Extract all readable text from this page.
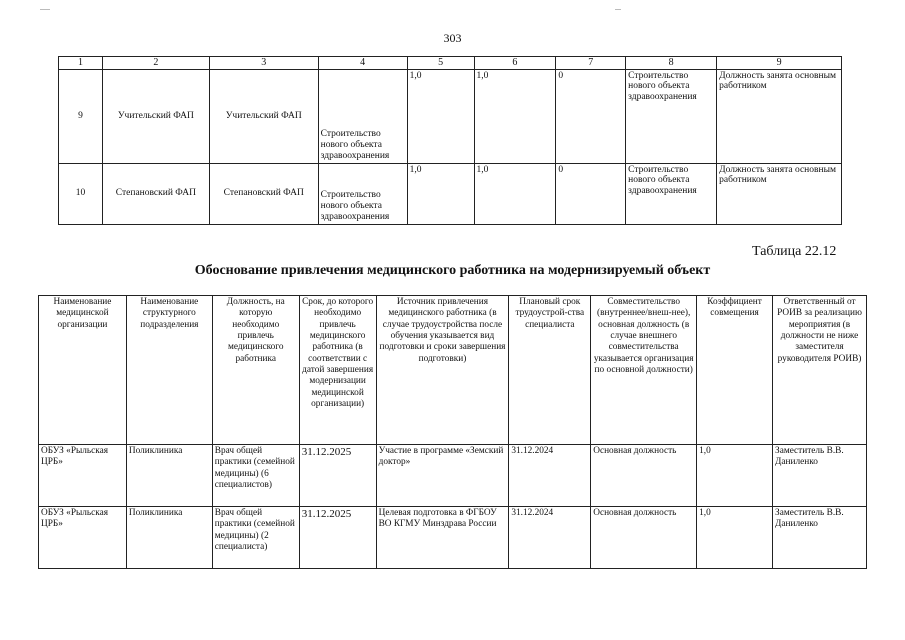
303
1	2	3	4	5	6	7	8	9
9	Учительский ФАП	Учительский ФАП	Строительство нового объекта здравоохранения	1,0	1,0	0	Строительство нового объекта здравоохранения	Должность занята основным работником
10	Степановский ФАП	Степановский ФАП	Строительство нового объекта здравоохранения	1,0	1,0	0	Строительство нового объекта здравоохранения	Должность занята основным работником
Таблица 22.12
Обоснование привлечения медицинского работника на модернизируемый объект
Наименование медицинской организации	Наименование структурного подразделения	Должность, на которую необходимо привлечь медицинского работника	Срок, до которого необходимо привлечь медицинского работника (в соответствии с датой завершения модернизации медицинской организации)	Источник привлечения медицинского работника (в случае трудоустройства после обучения указывается вид подготовки и сроки завершения подготовки)	Плановый срок трудоустрой-ства специалиста	Совместительство (внутреннее/внеш-нее), основная должность (в случае внешнего совместительства указывается организация по основной должности)	Коэффициент совмещения	Ответственный от РОИВ за реализацию мероприятия (в должности не ниже заместителя руководителя РОИВ)
ОБУЗ «Рыльская ЦРБ»	Поликлиника	Врач общей практики (семейной медицины) (6 специалистов)	31.12.2025	Участие в программе «Земский доктор»	31.12.2024	Основная должность	1,0	Заместитель В.В. Даниленко
ОБУЗ «Рыльская ЦРБ»	Поликлиника	Врач общей практики (семейной медицины) (2 специалиста)	31.12.2025	Целевая подготовка в ФГБОУ ВО КГМУ Минздрава России	31.12.2024	Основная должность	1,0	Заместитель В.В. Даниленко
